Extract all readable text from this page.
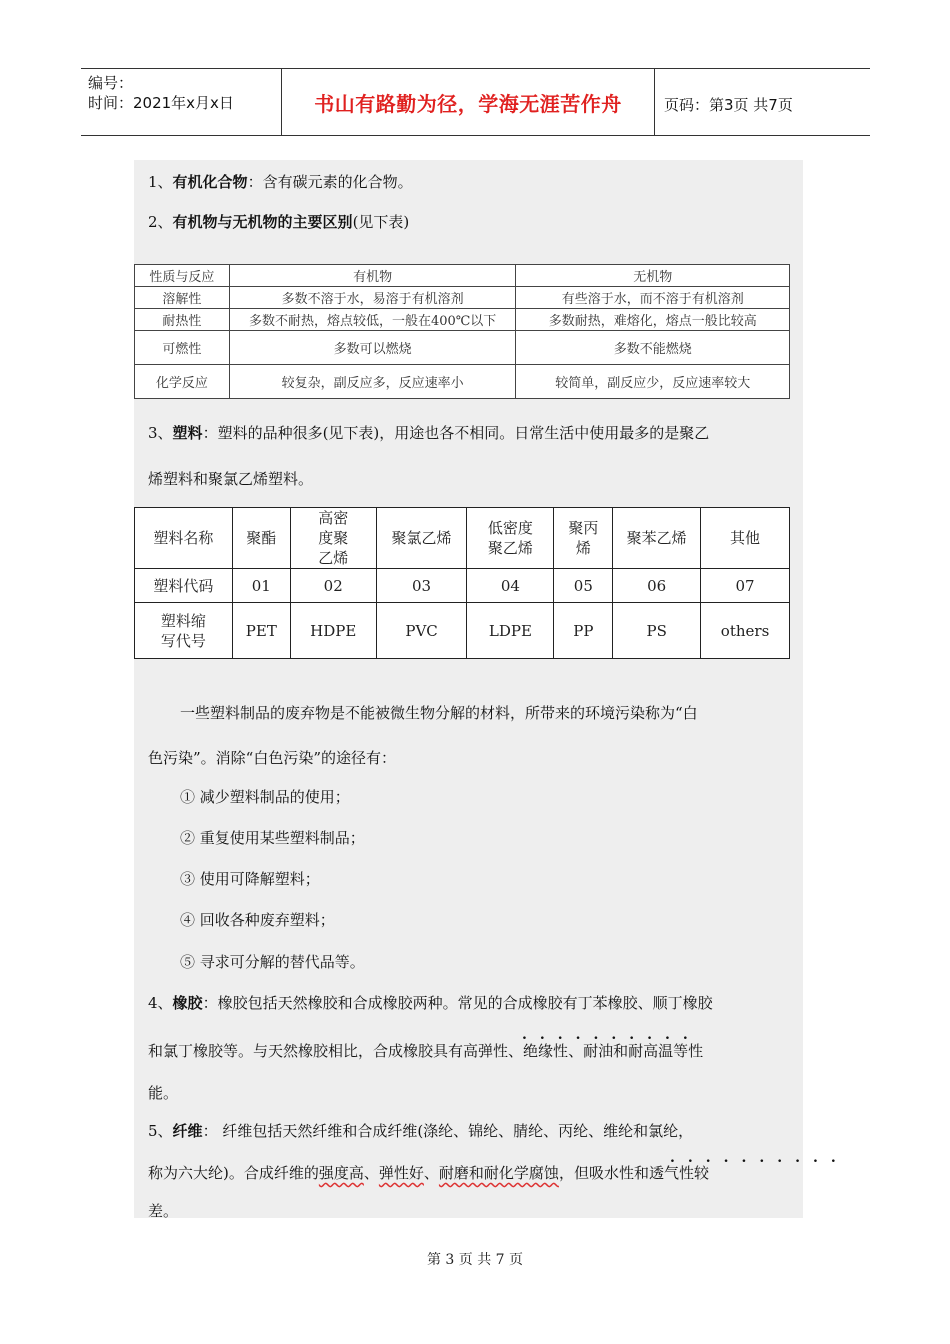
编号：
时间：2021年x月x日	书山有路勤为径，学海无涯苦作舟	页码：第3页 共7页
1、有机化合物：含有碳元素的化合物。
2、有机物与无机物的主要区别(见下表)
性质与反应	有机物	无机物
溶解性	多数不溶于水，易溶于有机溶剂	有些溶于水，而不溶于有机溶剂
耐热性	多数不耐热，熔点较低，一般在400℃以下	多数耐热，难熔化，熔点一般比较高
可燃性	多数可以燃烧	多数不能燃烧
化学反应	较复杂，副反应多，反应速率小	较简单，副反应少，反应速率较大
3、塑料：塑料的品种很多(见下表)，用途也各不相同。日常生活中使用最多的是聚乙
烯塑料和聚氯乙烯塑料。
塑料名称	聚酯	高密度聚乙烯	聚氯乙烯	低密度聚乙烯	聚丙烯	聚苯乙烯	其他
塑料代码	01	02	03	04	05	06	07
塑料缩写代号	PET	HDPE	PVC	LDPE	PP	PS	others
一些塑料制品的废弃物是不能被微生物分解的材料，所带来的环境污染称为“白
色污染”。消除“白色污染”的途径有：
① 减少塑料制品的使用；
② 重复使用某些塑料制品；
③ 使用可降解塑料；
④ 回收各种废弃塑料；
⑤ 寻求可分解的替代品等。
4、橡胶：橡胶包括天然橡胶和合成橡胶两种。常见的合成橡胶有丁苯橡胶、顺丁橡胶
..........
和氯丁橡胶等。与天然橡胶相比，合成橡胶具有高弹性、绝缘性、耐油和耐高温等性
能。
5、纤维： 纤维包括天然纤维和合成纤维(涤纶、锦纶、腈纶、丙纶、维纶和氯纶，
..........
称为六大纶)。合成纤维的强度高、弹性好、耐磨和耐化学腐蚀，但吸水性和透气性较
差。
第 3 页 共 7 页
